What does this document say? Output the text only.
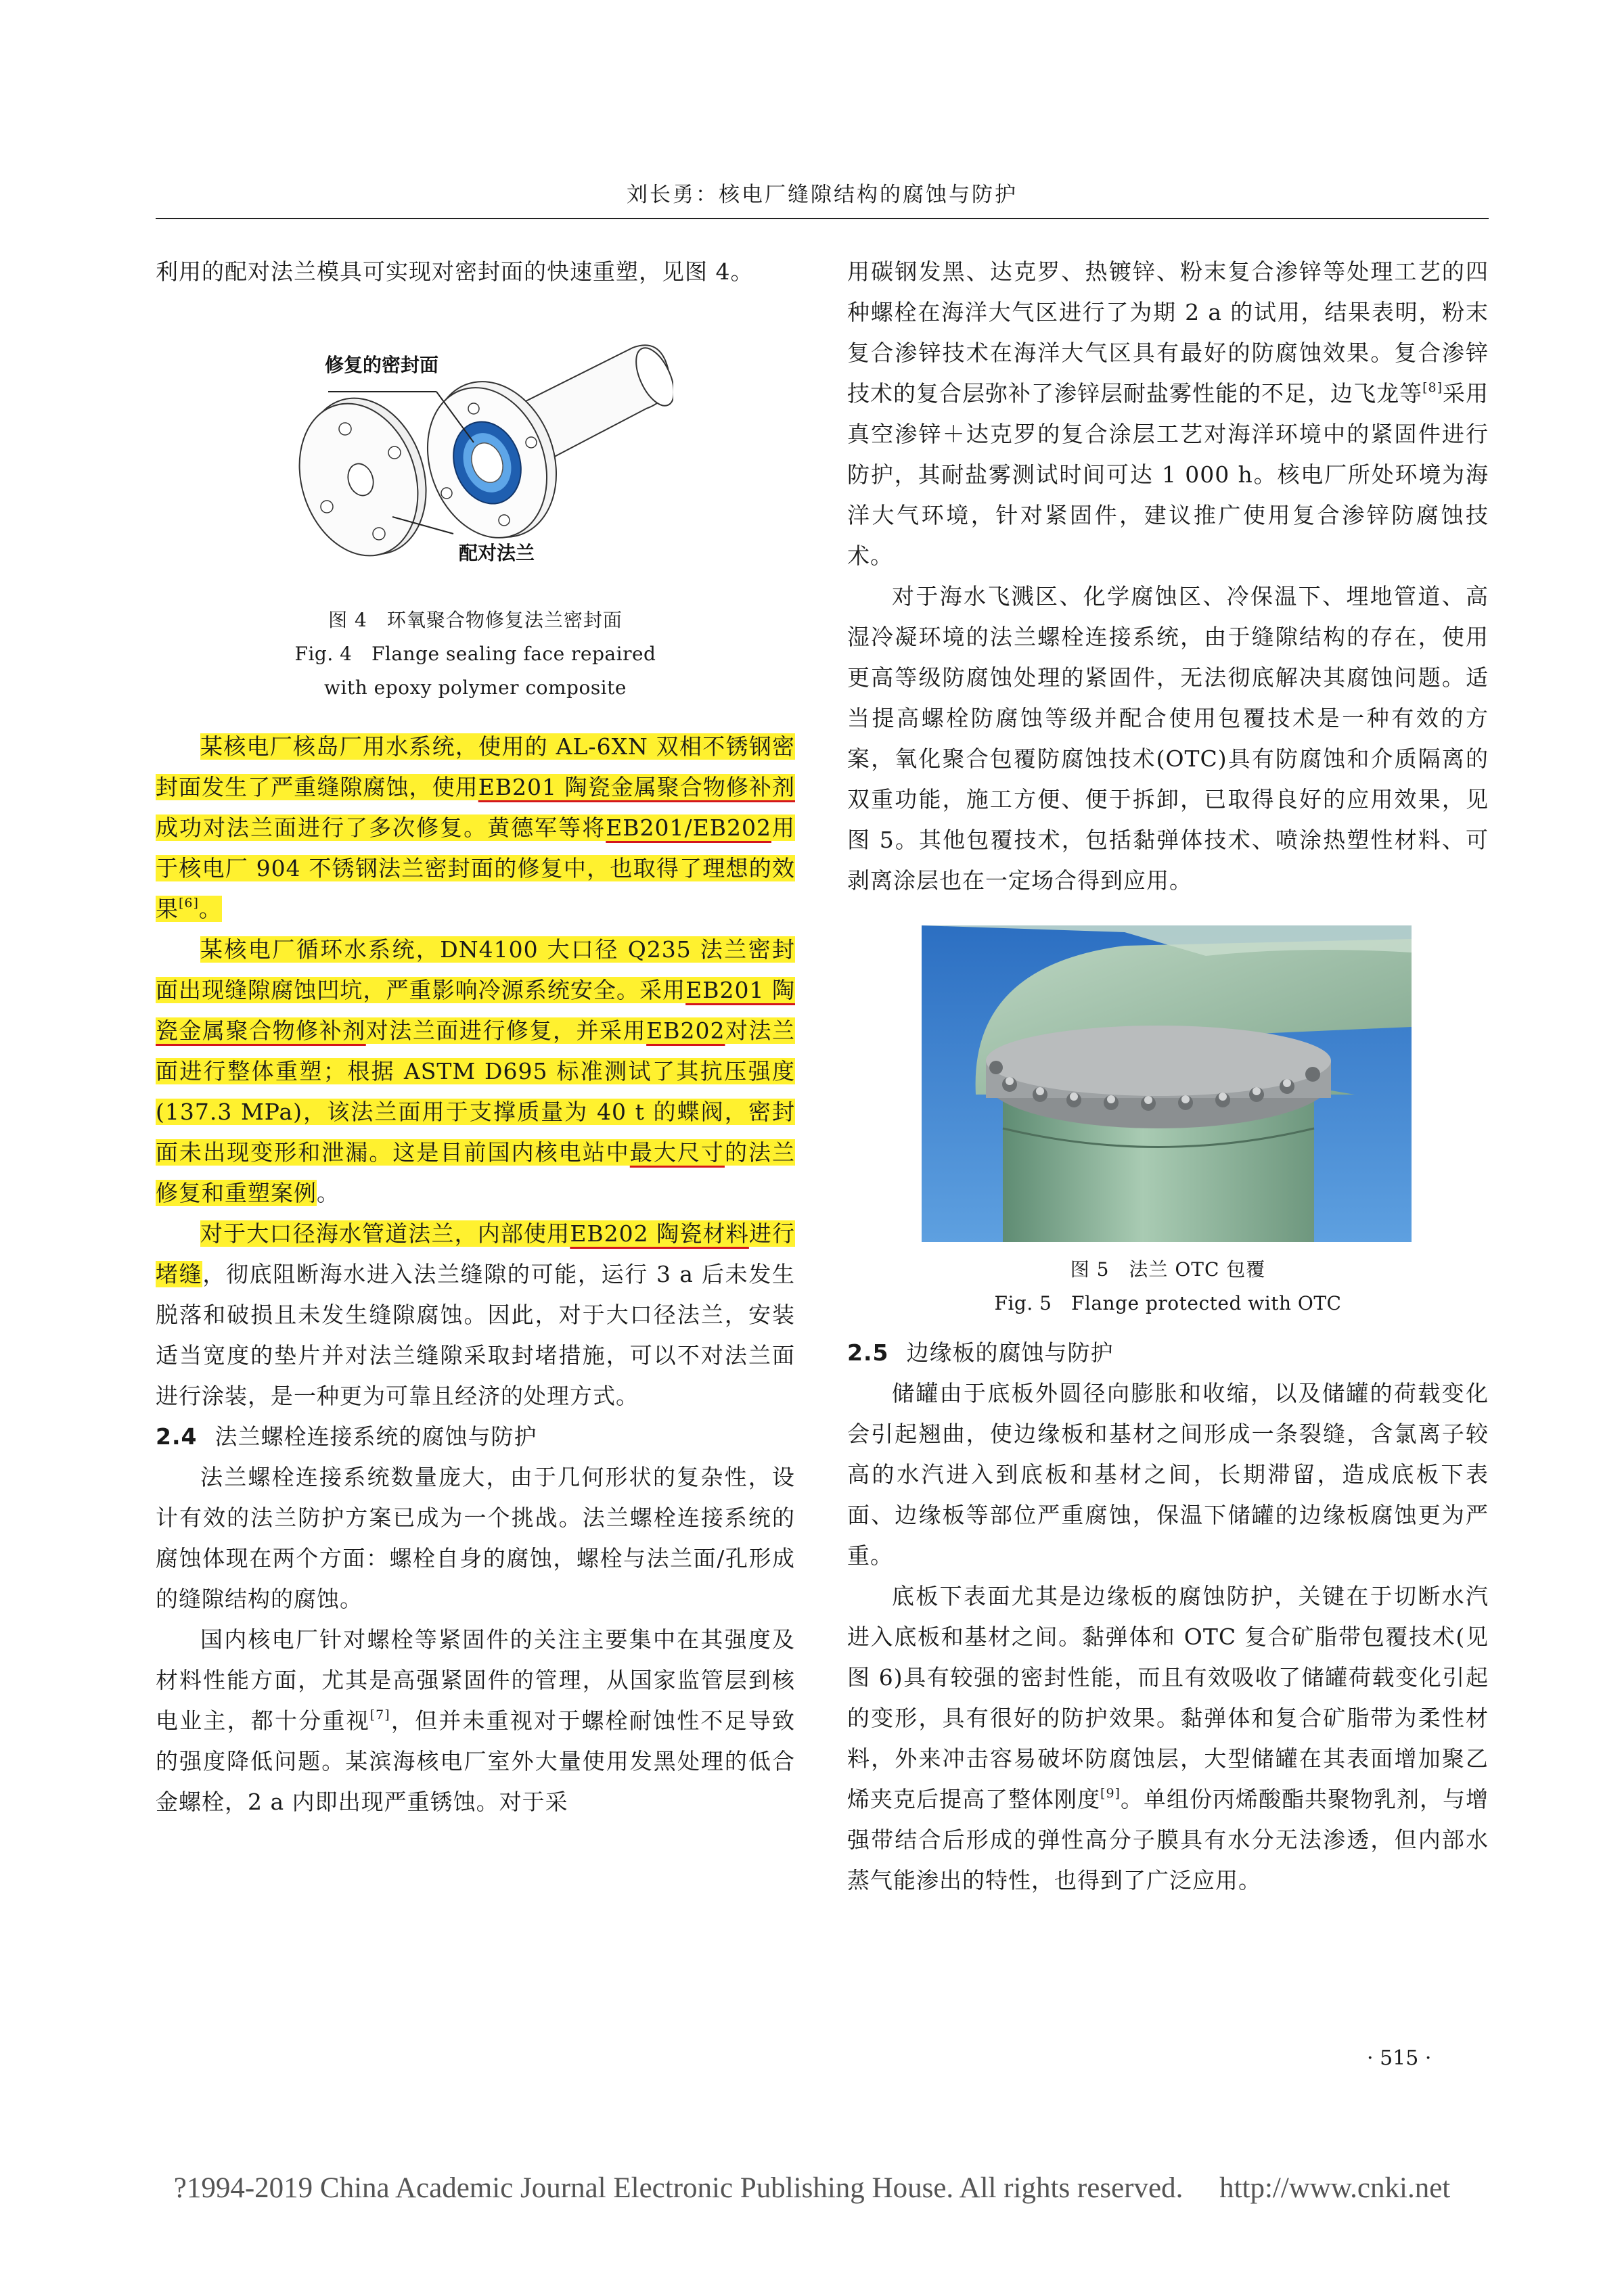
刘长勇：核电厂缝隙结构的腐蚀与防护

利用的配对法兰模具可实现对密封面的快速重塑，见图 4。

修复的密封面
配对法兰
图 4　环氧聚合物修复法兰密封面
Fig. 4　Flange sealing face repaired
with epoxy polymer composite

某核电厂核岛厂用水系统，使用的 AL-6XN 双相不锈钢密封面发生了严重缝隙腐蚀，使用EB201 陶瓷金属聚合物修补剂成功对法兰面进行了多次修复。黄德军等将EB201/EB202用于核电厂 904 不锈钢法兰密封面的修复中，也取得了理想的效果[6]。

某核电厂循环水系统，DN4100 大口径 Q235 法兰密封面出现缝隙腐蚀凹坑，严重影响冷源系统安全。采用EB201 陶瓷金属聚合物修补剂对法兰面进行修复，并采用EB202对法兰面进行整体重塑；根据 ASTM D695 标准测试了其抗压强度(137.3 MPa)，该法兰面用于支撑质量为 40 t 的蝶阀，密封面未出现变形和泄漏。这是目前国内核电站中最大尺寸的法兰修复和重塑案例。

对于大口径海水管道法兰，内部使用EB202 陶瓷材料进行堵缝，彻底阻断海水进入法兰缝隙的可能，运行 3 a 后未发生脱落和破损且未发生缝隙腐蚀。因此，对于大口径法兰，安装适当宽度的垫片并对法兰缝隙采取封堵措施，可以不对法兰面进行涂装，是一种更为可靠且经济的处理方式。

2.4 法兰螺栓连接系统的腐蚀与防护

法兰螺栓连接系统数量庞大，由于几何形状的复杂性，设计有效的法兰防护方案已成为一个挑战。法兰螺栓连接系统的腐蚀体现在两个方面：螺栓自身的腐蚀，螺栓与法兰面/孔形成的缝隙结构的腐蚀。

国内核电厂针对螺栓等紧固件的关注主要集中在其强度及材料性能方面，尤其是高强紧固件的管理，从国家监管层到核电业主，都十分重视[7]，但并未重视对于螺栓耐蚀性不足导致的强度降低问题。某滨海核电厂室外大量使用发黑处理的低合金螺栓，2 a 内即出现严重锈蚀。对于采

用碳钢发黑、达克罗、热镀锌、粉末复合渗锌等处理工艺的四种螺栓在海洋大气区进行了为期 2 a 的试用，结果表明，粉末复合渗锌技术在海洋大气区具有最好的防腐蚀效果。复合渗锌技术的复合层弥补了渗锌层耐盐雾性能的不足，边飞龙等[8]采用真空渗锌＋达克罗的复合涂层工艺对海洋环境中的紧固件进行防护，其耐盐雾测试时间可达 1 000 h。核电厂所处环境为海洋大气环境，针对紧固件，建议推广使用复合渗锌防腐蚀技术。

对于海水飞溅区、化学腐蚀区、冷保温下、埋地管道、高湿冷凝环境的法兰螺栓连接系统，由于缝隙结构的存在，使用更高等级防腐蚀处理的紧固件，无法彻底解决其腐蚀问题。适当提高螺栓防腐蚀等级并配合使用包覆技术是一种有效的方案，氧化聚合包覆防腐蚀技术(OTC)具有防腐蚀和介质隔离的双重功能，施工方便、便于拆卸，已取得良好的应用效果，见图 5。其他包覆技术，包括黏弹体技术、喷涂热塑性材料、可剥离涂层也在一定场合得到应用。

图 5　法兰 OTC 包覆
Fig. 5　Flange protected with OTC
2.5 边缘板的腐蚀与防护

储罐由于底板外圆径向膨胀和收缩，以及储罐的荷载变化会引起翘曲，使边缘板和基材之间形成一条裂缝，含氯离子较高的水汽进入到底板和基材之间，长期滞留，造成底板下表面、边缘板等部位严重腐蚀，保温下储罐的边缘板腐蚀更为严重。

底板下表面尤其是边缘板的腐蚀防护，关键在于切断水汽进入底板和基材之间。黏弹体和 OTC 复合矿脂带包覆技术(见图 6)具有较强的密封性能，而且有效吸收了储罐荷载变化引起的变形，具有很好的防护效果。黏弹体和复合矿脂带为柔性材料，外来冲击容易破坏防腐蚀层，大型储罐在其表面增加聚乙烯夹克后提高了整体刚度[9]。单组份丙烯酸酯共聚物乳剂，与增强带结合后形成的弹性高分子膜具有水分无法渗透，但内部水蒸气能渗出的特性，也得到了广泛应用。

· 515 ·
?1994-2019 China Academic Journal Electronic Publishing House. All rights reserved.　 http://www.cnki.net
